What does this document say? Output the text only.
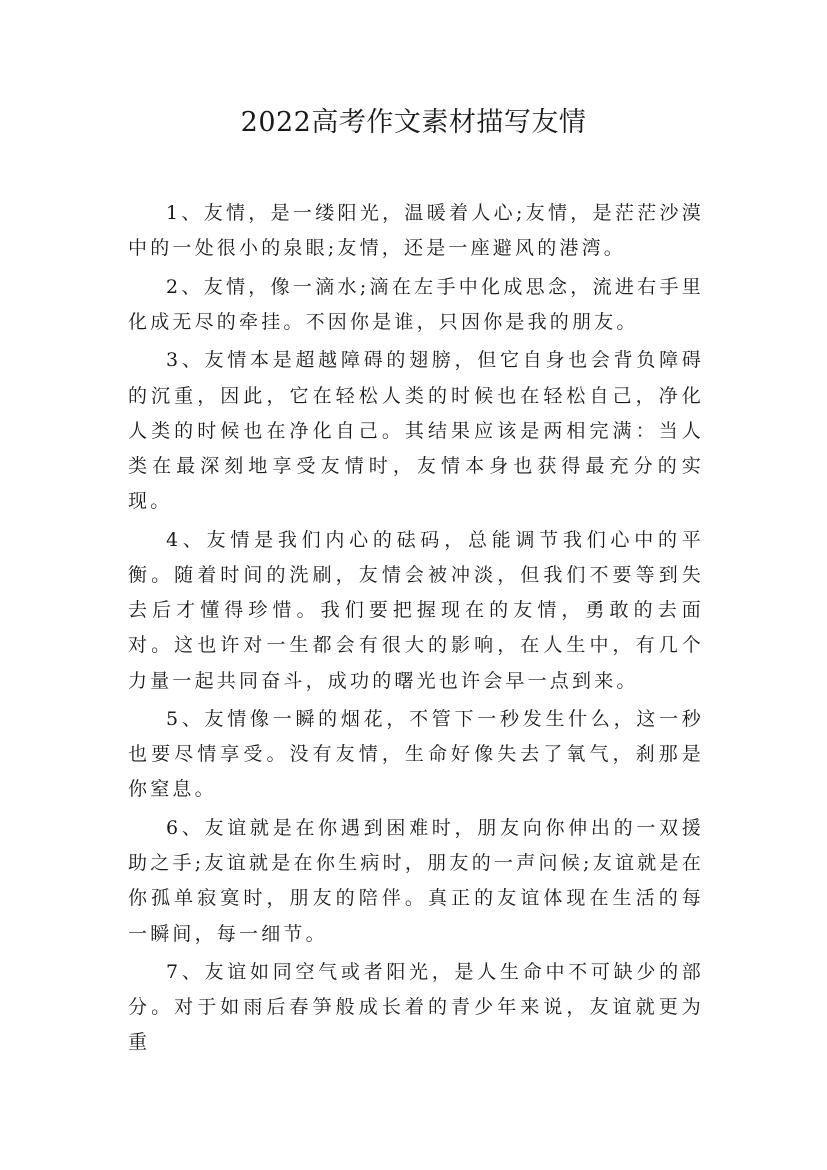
2022高考作文素材描写友情

1、友情，是一缕阳光，温暖着人心;友情，是茫茫沙漠中的一处很小的泉眼;友情，还是一座避风的港湾。

2、友情，像一滴水;滴在左手中化成思念，流进右手里化成无尽的牵挂。不因你是谁，只因你是我的朋友。

3、友情本是超越障碍的翅膀，但它自身也会背负障碍的沉重，因此，它在轻松人类的时候也在轻松自己，净化人类的时候也在净化自己。其结果应该是两相完满：当人类在最深刻地享受友情时，友情本身也获得最充分的实现。

4、友情是我们内心的砝码，总能调节我们心中的平衡。随着时间的洗刷，友情会被冲淡，但我们不要等到失去后才懂得珍惜。我们要把握现在的友情，勇敢的去面对。这也许对一生都会有很大的影响，在人生中，有几个力量一起共同奋斗，成功的曙光也许会早一点到来。

5、友情像一瞬的烟花，不管下一秒发生什么，这一秒也要尽情享受。没有友情，生命好像失去了氧气，刹那是你窒息。

6、友谊就是在你遇到困难时，朋友向你伸出的一双援助之手;友谊就是在你生病时，朋友的一声问候;友谊就是在你孤单寂寞时，朋友的陪伴。真正的友谊体现在生活的每一瞬间，每一细节。

7、友谊如同空气或者阳光，是人生命中不可缺少的部分。对于如雨后春笋般成长着的青少年来说，友谊就更为重
